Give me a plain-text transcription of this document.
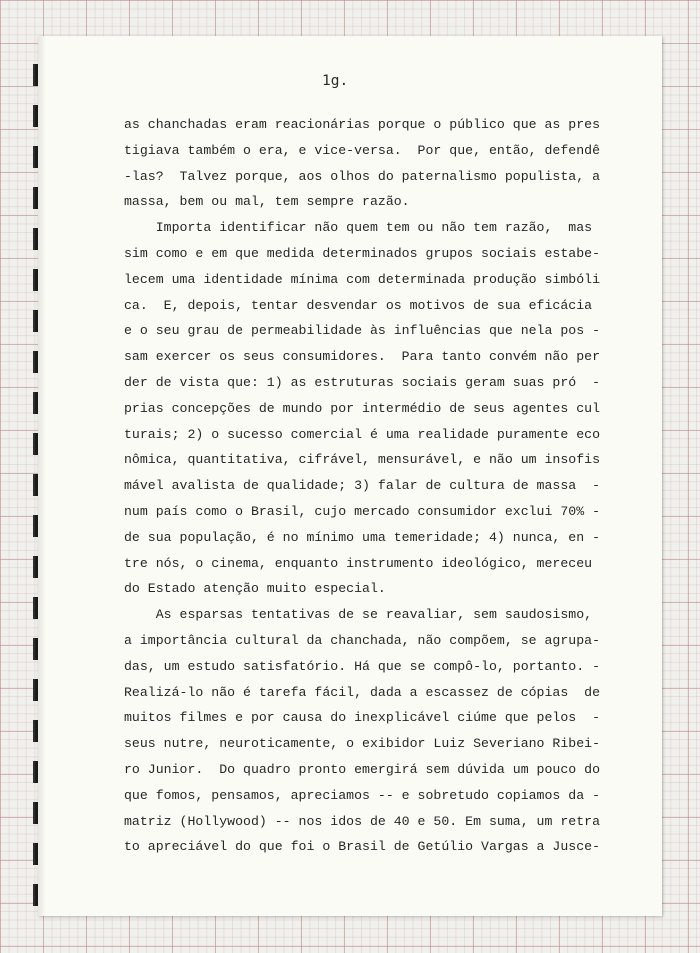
1g.
as chanchadas eram reacionárias porque o público que as pres
tigiava também o era, e vice-versa.  Por que, então, defendê
-las?  Talvez porque, aos olhos do paternalismo populista, a
massa, bem ou mal, tem sempre razão.
Importa identificar não quem tem ou não tem razão,  mas
sim como e em que medida determinados grupos sociais estabe-
lecem uma identidade mínima com determinada produção simbóli
ca.  E, depois, tentar desvendar os motivos de sua eficácia
e o seu grau de permeabilidade às influências que nela pos -
sam exercer os seus consumidores.  Para tanto convém não per
der de vista que: 1) as estruturas sociais geram suas pró  -
prias concepções de mundo por intermédio de seus agentes cul
turais; 2) o sucesso comercial é uma realidade puramente eco
nômica, quantitativa, cifrável, mensurável, e não um insofis
mável avalista de qualidade; 3) falar de cultura de massa  -
num país como o Brasil, cujo mercado consumidor exclui 70% -
de sua população, é no mínimo uma temeridade; 4) nunca, en -
tre nós, o cinema, enquanto instrumento ideológico, mereceu
do Estado atenção muito especial.
As esparsas tentativas de se reavaliar, sem saudosismo,
a importância cultural da chanchada, não compõem, se agrupa-
das, um estudo satisfatório. Há que se compô-lo, portanto. -
Realizá-lo não é tarefa fácil, dada a escassez de cópias  de
muitos filmes e por causa do inexplicável ciúme que pelos  -
seus nutre, neuroticamente, o exibidor Luiz Severiano Ribei-
ro Junior.  Do quadro pronto emergirá sem dúvida um pouco do
que fomos, pensamos, apreciamos -- e sobretudo copiamos da -
matriz (Hollywood) -- nos idos de 40 e 50. Em suma, um retra
to apreciável do que foi o Brasil de Getúlio Vargas a Jusce-
